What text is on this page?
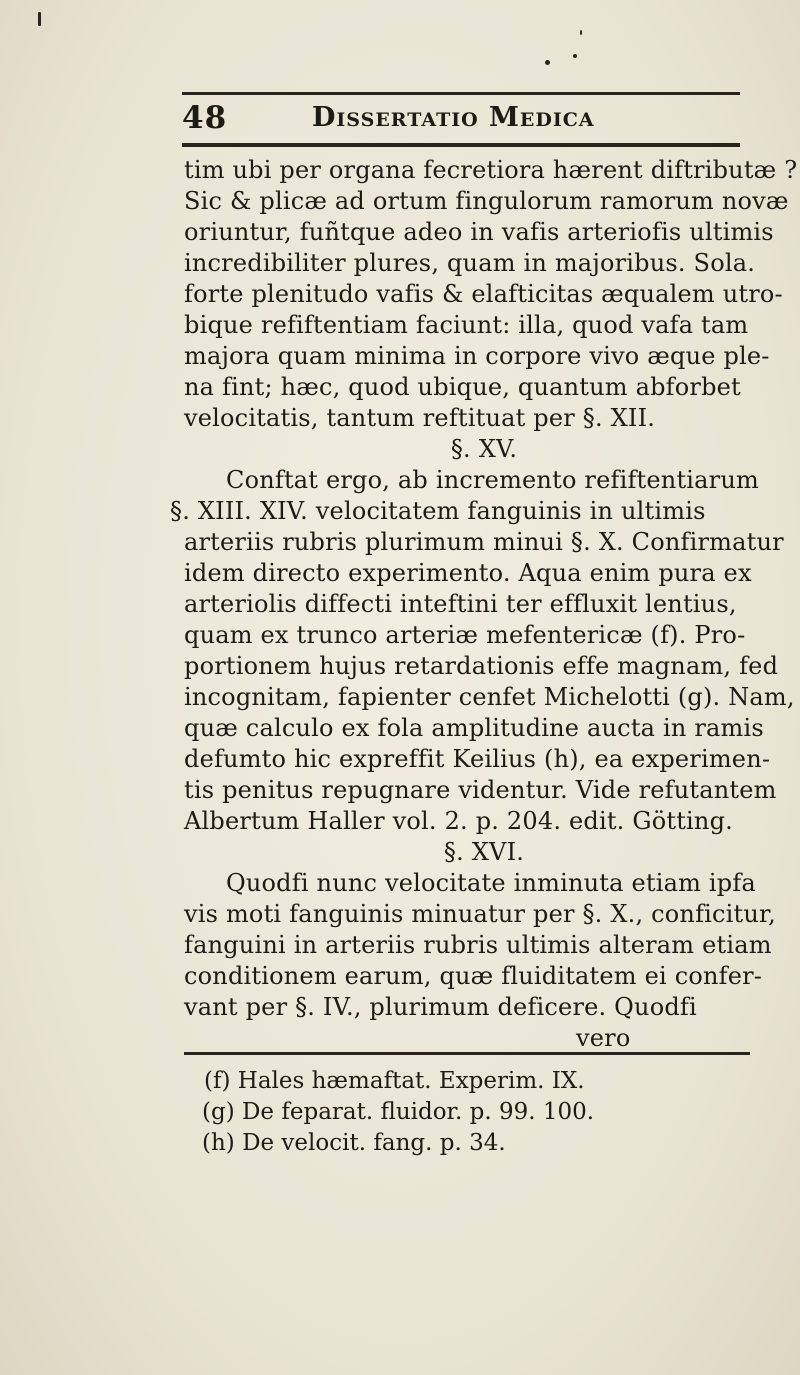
48	Dissertatio Medica
tim ubi per organa fecretiora hærent diftributæ ?
Sic & plicæ ad ortum fingulorum ramorum novæ
oriuntur, fuñtque adeo in vafis arteriofis ultimis
incredibiliter plures, quam in majoribus. Sola.
forte plenitudo vafis & elafticitas æqualem utro-
bique refiftentiam faciunt: illa, quod vafa tam
majora quam minima in corpore vivo æque ple-
na fint; hæc, quod ubique, quantum abforbet
velocitatis, tantum reftituat per §. XII.
§. XV.
Conftat ergo, ab incremento refiftentiarum
§. XIII. XIV. velocitatem fanguinis in ultimis
arteriis rubris plurimum minui §. X. Confirmatur
idem directo experimento. Aqua enim pura ex
arteriolis diffecti inteftini ter effluxit lentius,
quam ex trunco arteriæ mefentericæ (f). Pro-
portionem hujus retardationis effe magnam, fed
incognitam, fapienter cenfet Michelotti (g). Nam,
quæ calculo ex fola amplitudine aucta in ramis
defumto hic expreffit Keilius (h), ea experimen-
tis penitus repugnare videntur. Vide refutantem
Albertum Haller vol. 2. p. 204. edit. Götting.
§. XVI.
Quodfi nunc velocitate inminuta etiam ipfa
vis moti fanguinis minuatur per §. X., conficitur,
fanguini in arteriis rubris ultimis alteram etiam
conditionem earum, quæ fluiditatem ei confer-
vant per §. IV., plurimum deficere. Quodfi
vero
(f) Hales hæmaftat. Experim. IX.
(g) De feparat. fluidor. p. 99. 100.
(h) De velocit. fang. p. 34.
